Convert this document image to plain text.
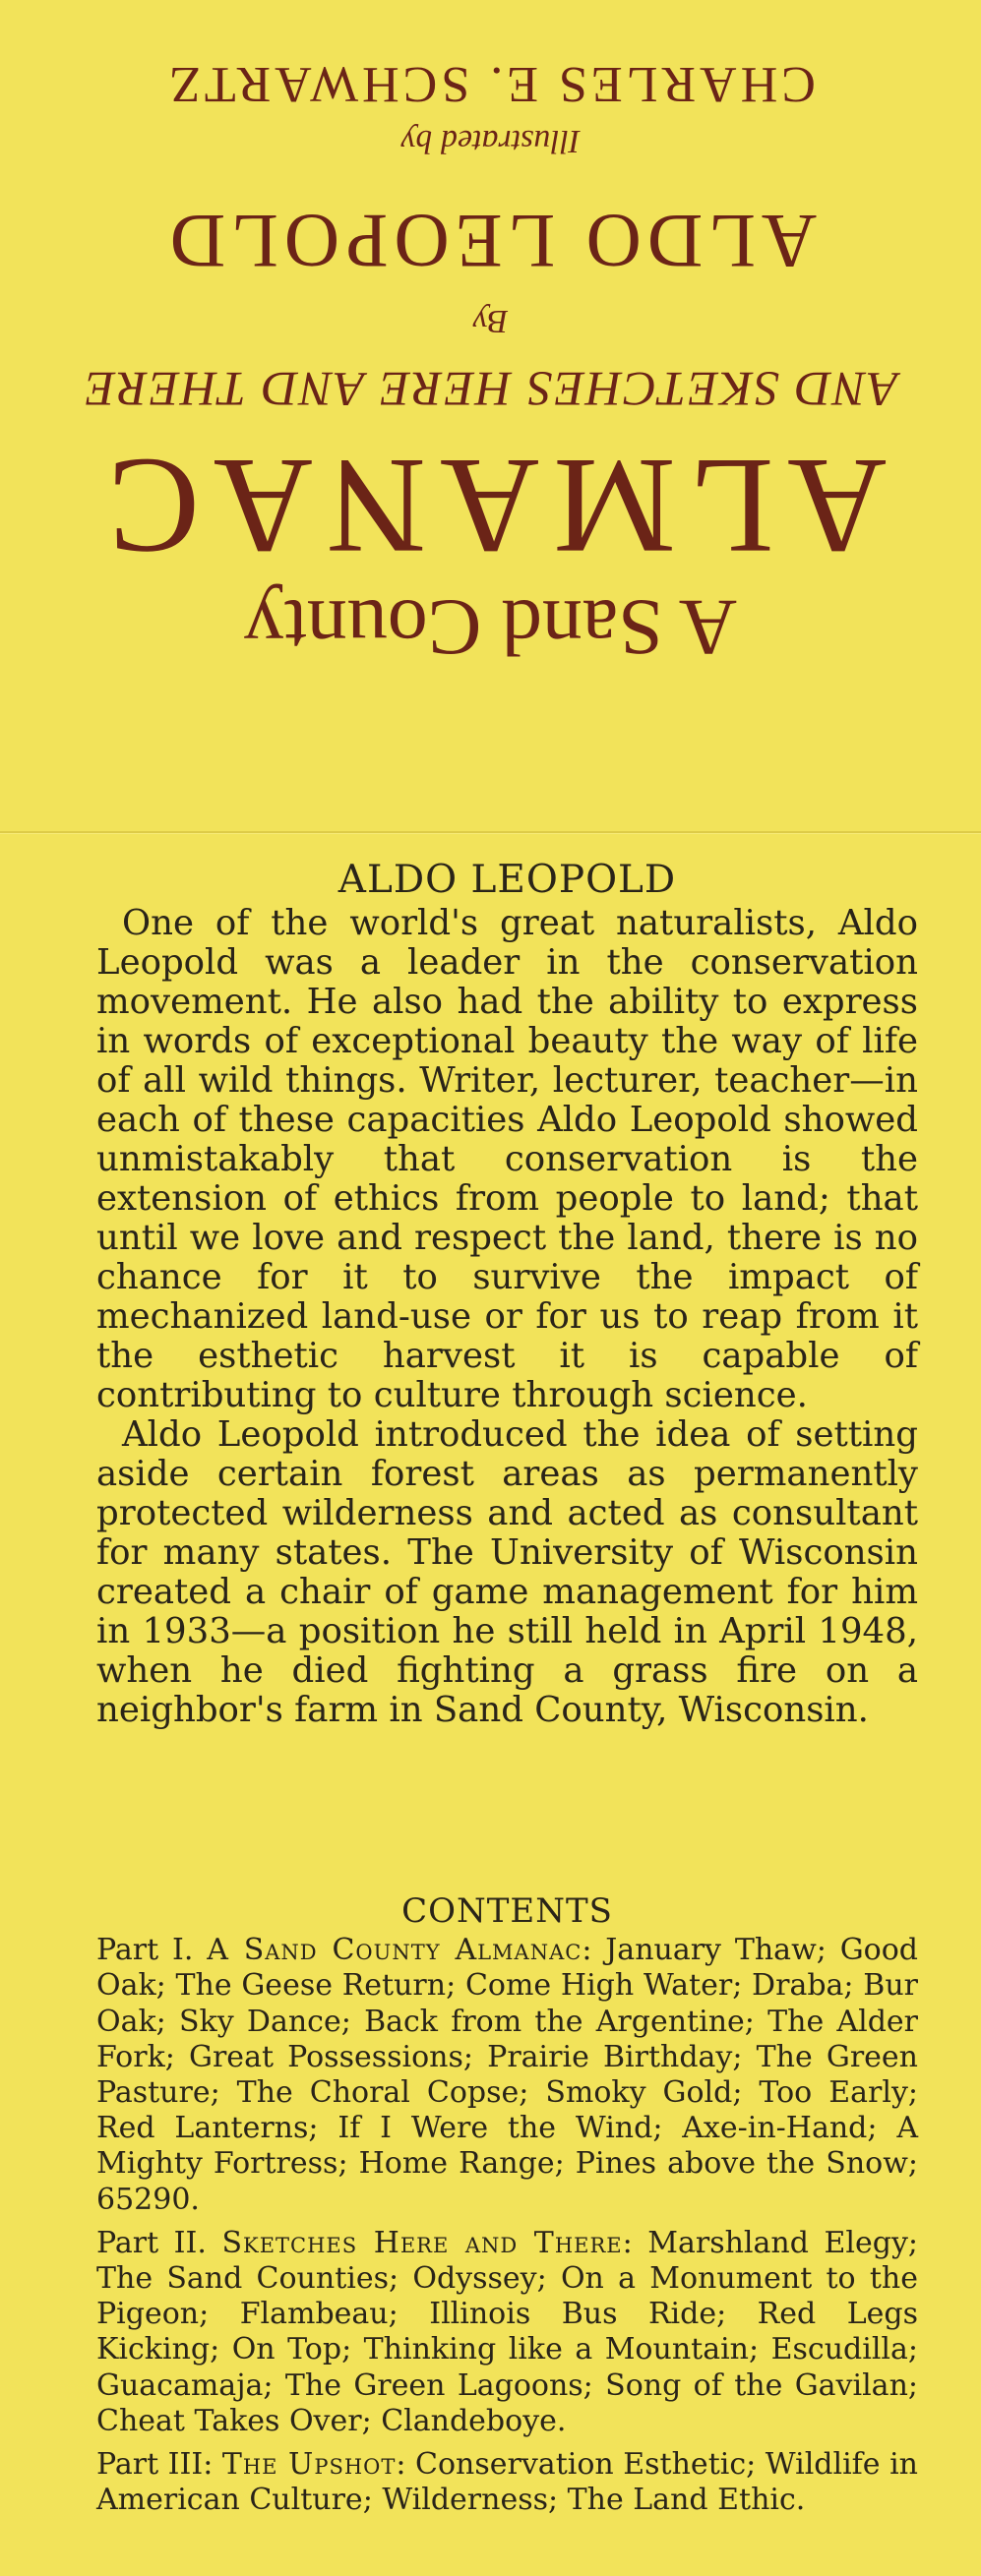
A Sand County
ALMANAC
AND SKETCHES HERE AND THERE
By
ALDO LEOPOLD
Illustrated by
CHARLES E. SCHWARTZ
ALDO LEOPOLD

One of the world's great naturalists, Aldo Leopold was a leader in the conservation movement. He also had the ability to express in words of exceptional beauty the way of life of all wild things. Writer, lecturer, teacher—in each of these capacities Aldo Leopold showed unmistakably that conservation is the extension of ethics from people to land; that until we love and respect the land, there is no chance for it to survive the impact of mechanized land-use or for us to reap from it the esthetic harvest it is capable of contributing to culture through science.

Aldo Leopold introduced the idea of setting aside certain forest areas as permanently protected wilderness and acted as consultant for many states. The University of Wisconsin created a chair of game management for him in 1933—a position he still held in April 1948, when he died fighting a grass fire on a neighbor's farm in Sand County, Wisconsin.

CONTENTS

Part I. A Sand County Almanac: January Thaw; Good Oak; The Geese Return; Come High Water; Draba; Bur Oak; Sky Dance; Back from the Argentine; The Alder Fork; Great Possessions; Prairie Birthday; The Green Pasture; The Choral Copse; Smoky Gold; Too Early; Red Lanterns; If I Were the Wind; Axe-in-Hand; A Mighty Fortress; Home Range; Pines above the Snow; 65290.

Part II. Sketches Here and There: Marshland Elegy; The Sand Counties; Odyssey; On a Monument to the Pigeon; Flambeau; Illinois Bus Ride; Red Legs Kicking; On Top; Thinking like a Mountain; Escudilla; Guacamaja; The Green Lagoons; Song of the Gavilan; Cheat Takes Over; Clandeboye.

Part III: The Upshot: Conservation Esthetic; Wildlife in American Culture; Wilderness; The Land Ethic.
